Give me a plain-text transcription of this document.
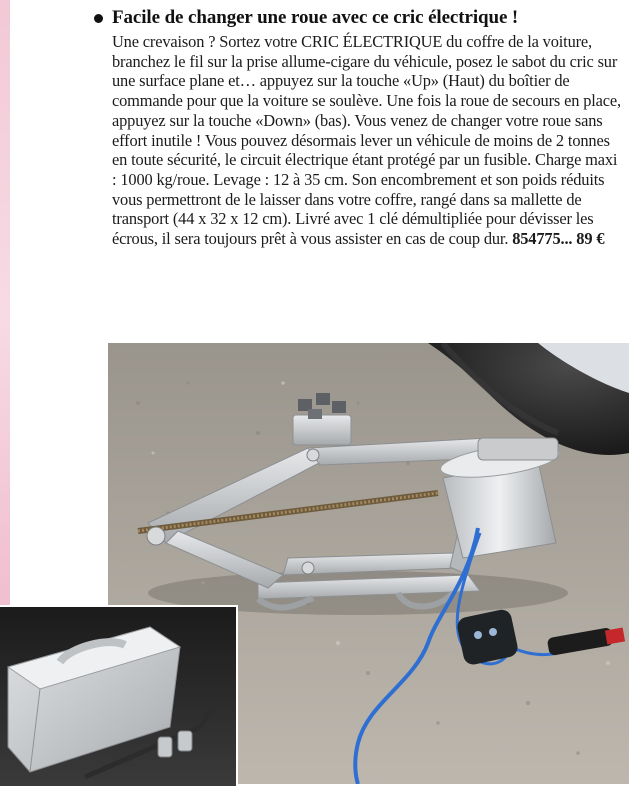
Facile de changer une roue avec ce cric électrique !

Une crevaison ? Sortez votre CRIC ÉLECTRIQUE du coffre de la voiture, branchez le fil sur la prise allume-cigare du véhicule, posez le sabot du cric sur une surface plane et… appuyez sur la touche «Up» (Haut) du boîtier de commande pour que la voiture se soulève. Une fois la roue de secours en place, appuyez sur la touche «Down» (bas). Vous venez de changer votre roue sans effort inutile ! Vous pouvez désormais lever un véhicule de moins de 2 tonnes en toute sécurité, le circuit électrique étant protégé par un fusible. Charge maxi : 1000 kg/roue. Levage : 12 à 35 cm. Son encombrement et son poids réduits vous permettront de le laisser dans votre coffre, rangé dans sa mallette de transport (44 x 32 x 12 cm). Livré avec 1 clé démultipliée pour dévisser les écrous, il sera toujours prêt à vous assister en cas de coup dur. 854775... 89 €
